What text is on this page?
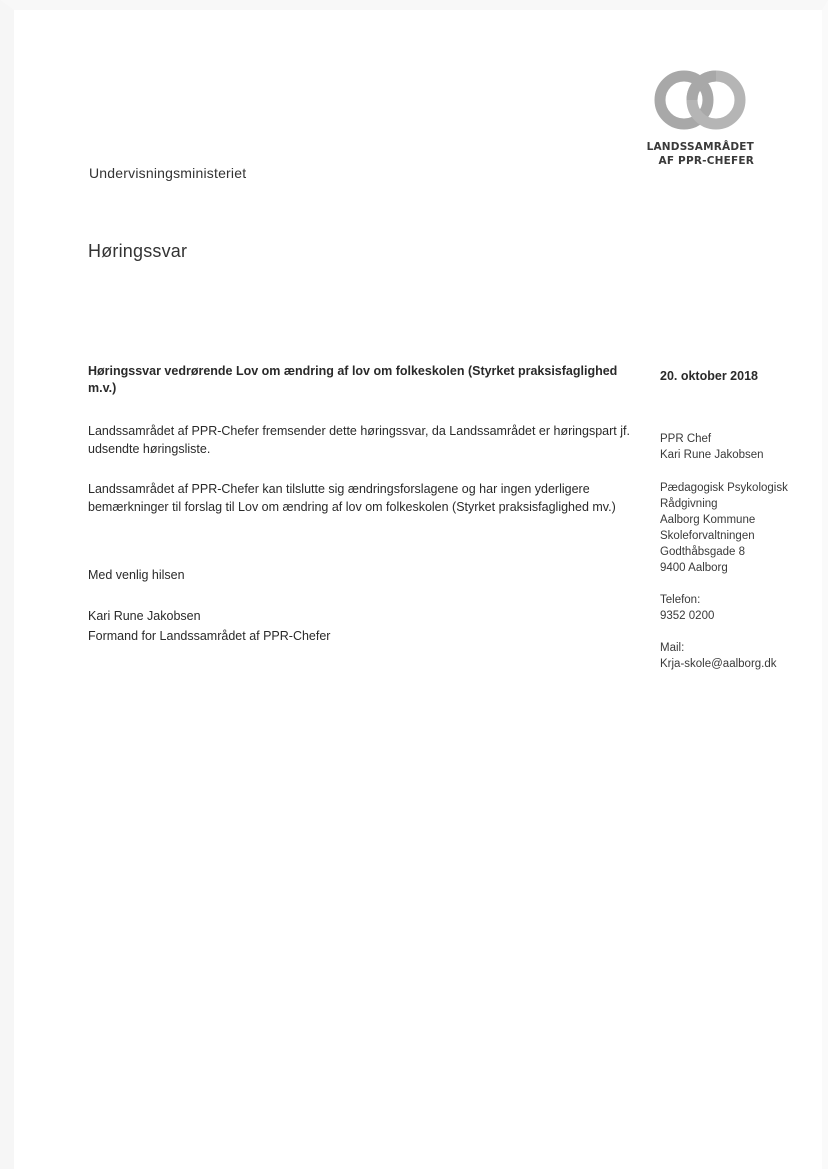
LANDSSAMRÅDET
AF PPR-CHEFER
Undervisningsministeriet
Høringssvar
Høringssvar vedrørende Lov om ændring af lov om folkeskolen (Styrket praksisfaglighed m.v.)
20. oktober 2018
Landssamrådet af PPR-Chefer fremsender dette høringssvar, da Landssamrådet er høringspart jf. udsendte høringsliste.
Landssamrådet af PPR-Chefer kan tilslutte sig ændringsforslagene og har ingen yderligere bemærkninger til forslag til Lov om ændring af lov om folkeskolen (Styrket praksisfaglighed mv.)
Med venlig hilsen
Kari Rune Jakobsen
Formand for Landssamrådet af PPR-Chefer
PPR Chef
Kari Rune Jakobsen
Pædagogisk Psykologisk
Rådgivning
Aalborg Kommune
Skoleforvaltningen
Godthåbsgade 8
9400 Aalborg
Telefon:
9352 0200
Mail:
Krja-skole@aalborg.dk
